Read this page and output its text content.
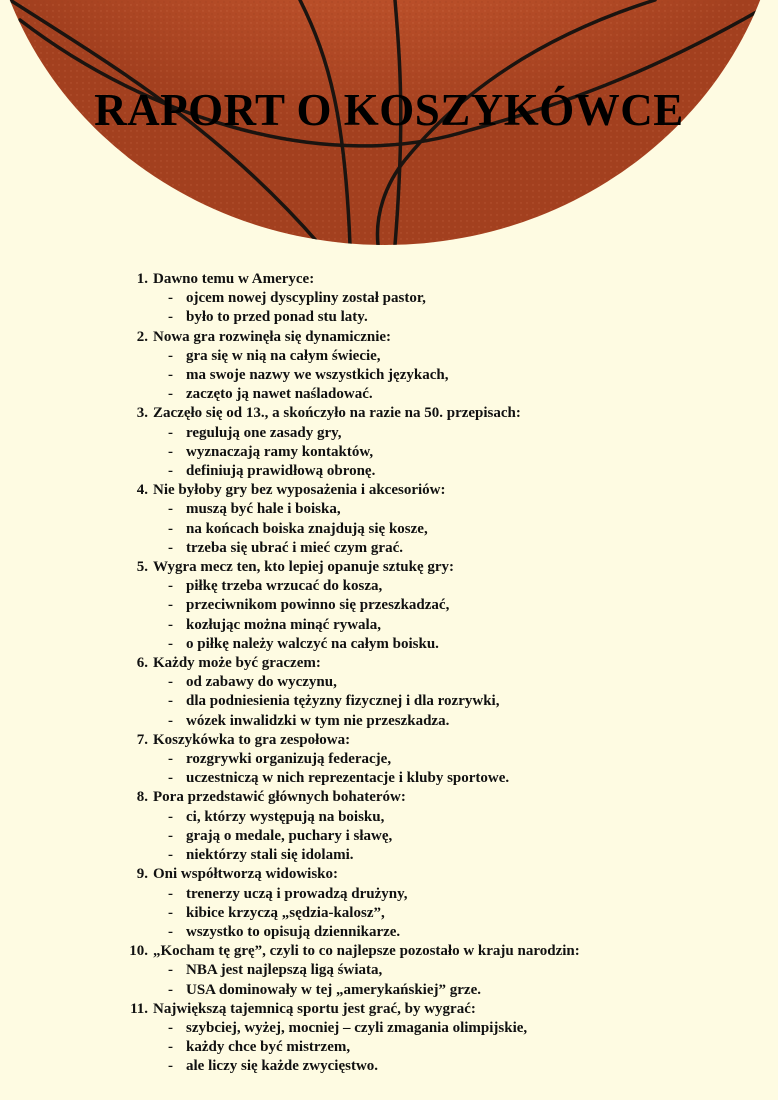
RAPORT O KOSZYKÓWCE
1. Dawno temu w Ameryce:
- ojcem nowej dyscypliny został pastor,
- było to przed ponad stu laty.
2. Nowa gra rozwinęła się dynamicznie:
- gra się w nią na całym świecie,
- ma swoje nazwy we wszystkich językach,
- zaczęto ją nawet naśladować.
3. Zaczęło się od 13., a skończyło na razie na 50. przepisach:
- regulują one zasady gry,
- wyznaczają ramy kontaktów,
- definiują prawidłową obronę.
4. Nie byłoby gry bez wyposażenia i akcesoriów:
- muszą być hale i boiska,
- na końcach boiska znajdują się kosze,
- trzeba się ubrać i mieć czym grać.
5. Wygra mecz ten, kto lepiej opanuje sztukę gry:
- piłkę trzeba wrzucać do kosza,
- przeciwnikom powinno się przeszkadzać,
- kozłując można minąć rywala,
- o piłkę należy walczyć na całym boisku.
6. Każdy może być graczem:
- od zabawy do wyczynu,
- dla podniesienia tężyzny fizycznej i dla rozrywki,
- wózek inwalidzki w tym nie przeszkadza.
7. Koszykówka to gra zespołowa:
- rozgrywki organizują federacje,
- uczestniczą w nich reprezentacje i kluby sportowe.
8. Pora przedstawić głównych bohaterów:
- ci, którzy występują na boisku,
- grają o medale, puchary i sławę,
- niektórzy stali się idolami.
9. Oni współtworzą widowisko:
- trenerzy uczą i prowadzą drużyny,
- kibice krzyczą „sędzia-kalosz”,
- wszystko to opisują dziennikarze.
10. „Kocham tę grę”, czyli to co najlepsze pozostało w kraju narodzin:
- NBA jest najlepszą ligą świata,
- USA dominowały w tej „amerykańskiej” grze.
11. Największą tajemnicą sportu jest grać, by wygrać:
- szybciej, wyżej, mocniej – czyli zmagania olimpijskie,
- każdy chce być mistrzem,
- ale liczy się każde zwycięstwo.
